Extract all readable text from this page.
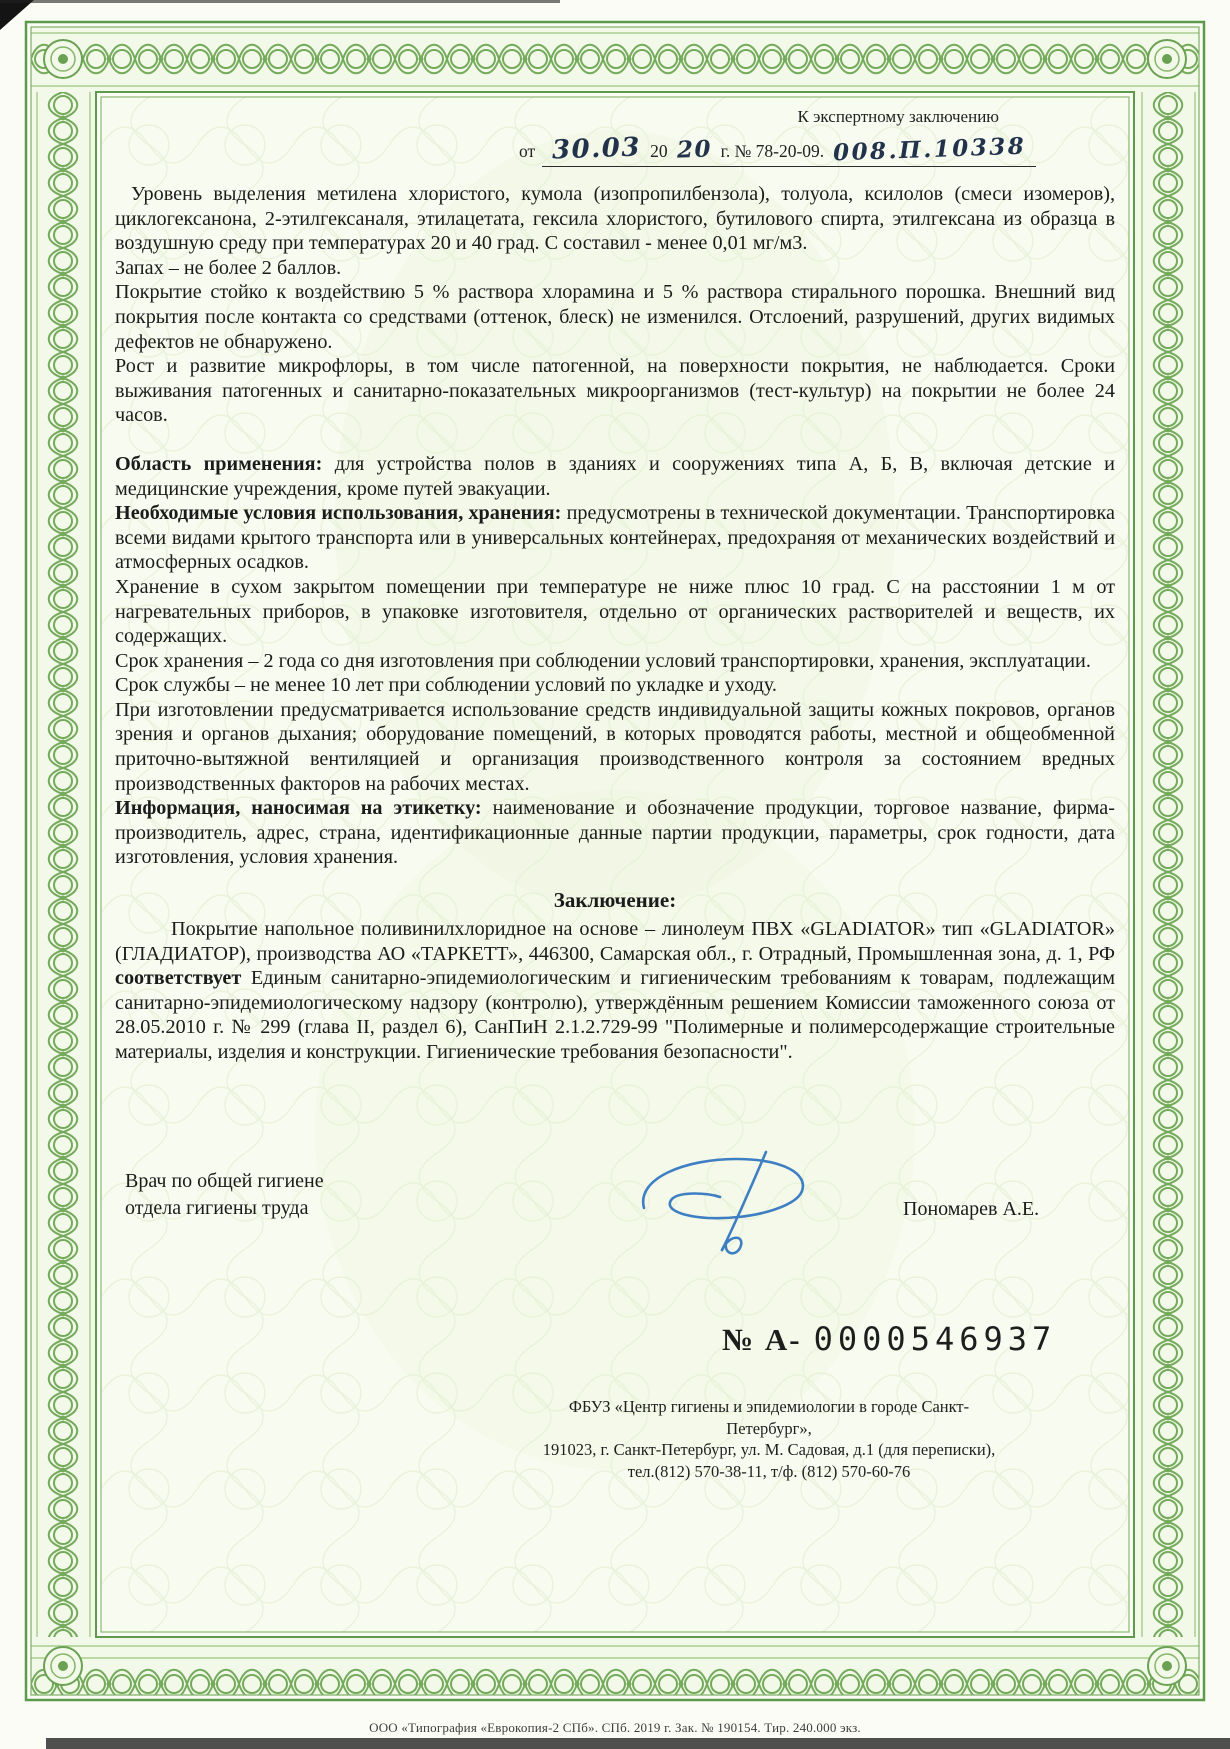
К экспертному заключению
от 30.03 20 20 г. № 78-20-09. 008.П.10338

Уровень выделения метилена хлористого, кумола (изопропилбензола), толуола, ксилолов (смеси изомеров), циклогексанона, 2-этилгексаналя, этилацетата, гексила хлористого, бутилового спирта, этилгексана из образца в воздушную среду при температурах 20 и 40 град. С составил - менее 0,01 мг/м3.

Запах – не более 2 баллов.

Покрытие стойко к воздействию 5 % раствора хлорамина и 5 % раствора стирального порошка. Внешний вид покрытия после контакта со средствами (оттенок, блеск) не изменился. Отслоений, разрушений, других видимых дефектов не обнаружено.

Рост и развитие микрофлоры, в том числе патогенной, на поверхности покрытия, не наблюдается. Сроки выживания патогенных и санитарно-показательных микроорганизмов (тест-культур) на покрытии не более 24 часов.

Область применения: для устройства полов в зданиях и сооружениях типа А, Б, В, включая детские и медицинские учреждения, кроме путей эвакуации.

Необходимые условия использования, хранения: предусмотрены в технической документации. Транспортировка всеми видами крытого транспорта или в универсальных контейнерах, предохраняя от механических воздействий и атмосферных осадков.

Хранение в сухом закрытом помещении при температуре не ниже плюс 10 град. С на расстоянии 1 м от нагревательных приборов, в упаковке изготовителя, отдельно от органических растворителей и веществ, их содержащих.

Срок хранения – 2 года со дня изготовления при соблюдении условий транспортировки, хранения, эксплуатации.

Срок службы – не менее 10 лет при соблюдении условий по укладке и уходу.

При изготовлении предусматривается использование средств индивидуальной защиты кожных покровов, органов зрения и органов дыхания; оборудование помещений, в которых проводятся работы, местной и общеобменной приточно-вытяжной вентиляцией и организация производственного контроля за состоянием вредных производственных факторов на рабочих местах.

Информация, наносимая на этикетку: наименование и обозначение продукции, торговое название, фирма-производитель, адрес, страна, идентификационные данные партии продукции, параметры, срок годности, дата изготовления, условия хранения.

Заключение:

Покрытие напольное поливинилхлоридное на основе – линолеум ПВХ «GLADIATOR» тип «GLADIATOR» (ГЛАДИАТОР), производства АО «ТАРКЕТТ», 446300, Самарская обл., г. Отрадный, Промышленная зона, д. 1, РФ соответствует Единым санитарно-эпидемиологическим и гигиеническим требованиям к товарам, подлежащим санитарно-эпидемиологическому надзору (контролю), утверждённым решением Комиссии таможенного союза от 28.05.2010 г. № 299 (глава II, раздел 6), СанПиН 2.1.2.729-99 "Полимерные и полимерсодержащие строительные материалы, изделия и конструкции. Гигиенические требования безопасности".

Врач по общей гигиене
отдела гигиены труда	Пономарев А.Е.
№ А- 0000546937
ФБУЗ «Центр гигиены и эпидемиологии в городе Санкт-Петербург»,
191023, г. Санкт-Петербург, ул. М. Садовая, д.1 (для переписки),
тел.(812) 570-38-11, т/ф. (812) 570-60-76
ООО «Типография «Еврокопия-2 СПб». СПб. 2019 г. Зак. № 190154. Тир. 240.000 экз.
